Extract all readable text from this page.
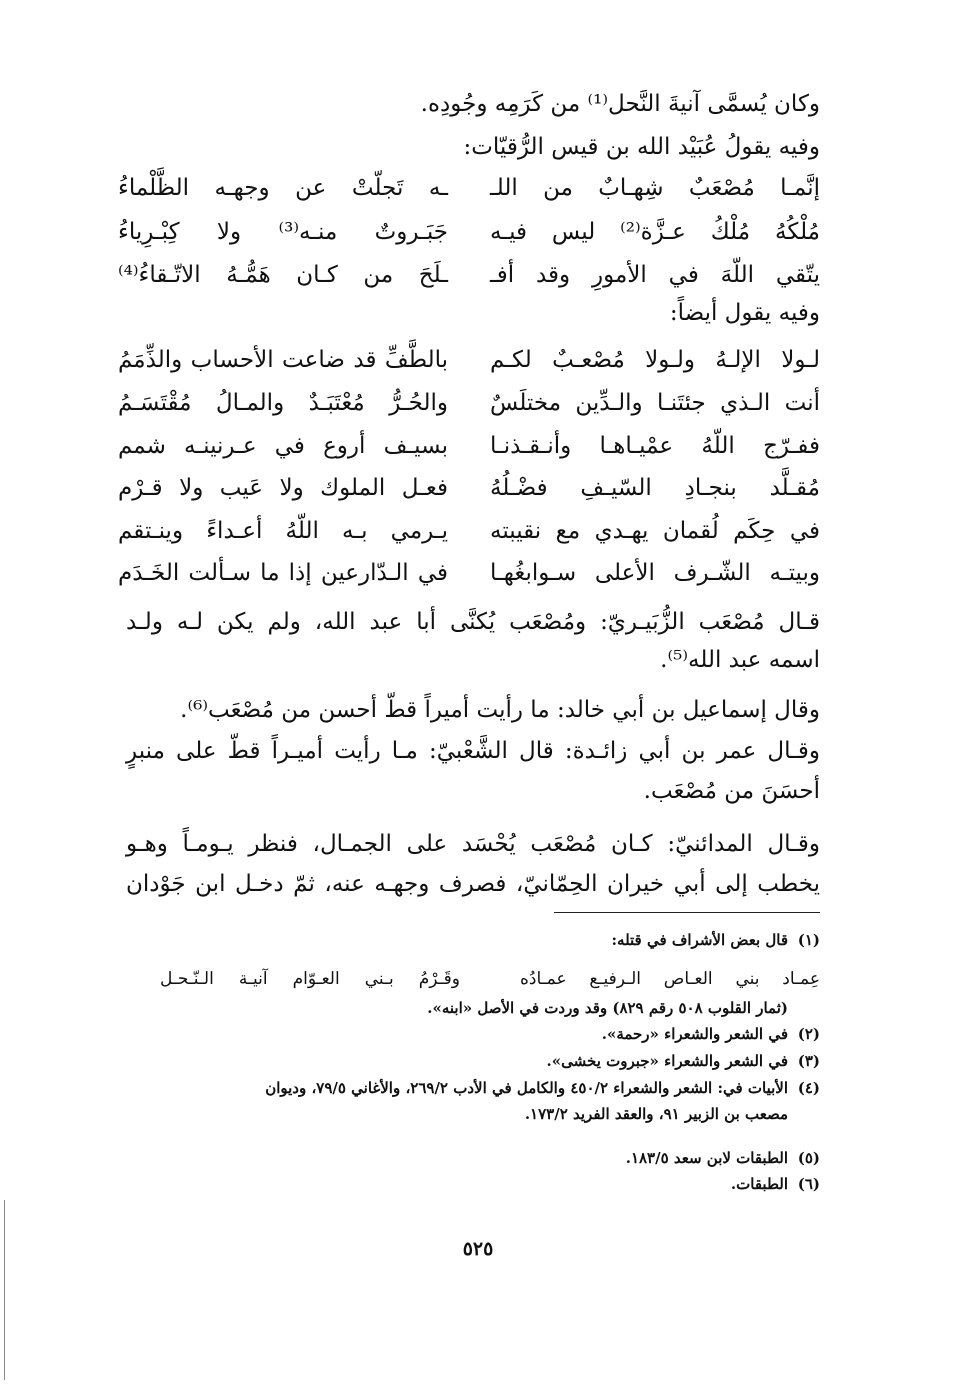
وكان يُسمَّى آنيةَ النَّحل⁽¹⁾ من كَرَمِه وجُودِه.
وفيه يقولُ عُبَيْد الله بن قيس الرُّقيّات:
إنَّمـا مُصْعَبٌ شِهـابٌ من اللـ
ـه تَجلّتْ عن وجهـه الظَّلْماءُ
مُلْكُهُ مُلْكُ عـزَّة⁽²⁾ ليس فيـه
جَبَـروتٌ منـه⁽³⁾ ولا كِبْـرِياءُ
يتّقي اللّهَ في الأمورِ وقد أفـ
ـلَحَ من كـان هَمُّـهُ الاتّـقاءُ⁽⁴⁾
وفيه يقول أيضاً:
لـولا الإلـهُ ولـولا مُصْعـبٌ لكـم
بالطَّفِّ قد ضاعت الأحساب والذِّمَمُ
أنت الـذي جئتَنـا والـدِّين مختلَسٌ
والحُـرُّ مُعْتَبَـدٌ والمـالُ مُقْتَسَـمُ
ففـرّج اللّهُ عمْيـاهـا وأنـقـذنـا
بسيـف أروع في عـرنينـه شمم
مُقـلَّد بنجـادِ السّيـفِ فضْـلُهُ
فعـل الملوك ولا عَيب ولا قـرْم
في حِكَم لُقمان يهـدي مع نقيبته
يـرمي بـه اللّهُ أعـداءً وينـتقم
وبيتـه الشّـرف الأعلى سـوابغُهـا
في الـدّارعين إذا ما سـألت الخَـدَم
قـال مُصْعَب الزُّبَيـريّ: ومُصْعَب يُكنَّى أبا عبد الله، ولم يكن لـه ولـد
اسمه عبد الله⁽⁵⁾.
وقال إسماعيل بن أبي خالد: ما رأيت أميراً قطّ أحسن من مُصْعَب⁽⁶⁾.
وقـال عمر بن أبي زائـدة: قال الشَّعْبيّ: مـا رأيت أميـراً قطّ على منبرٍ
أحسَنَ من مُصْعَب.
وقـال المدائنيّ: كـان مُصْعَب يُحْسَد على الجمـال، فنظر يـومـاً وهـو
يخطب إلى أبي خيران الحِمّانيّ، فصرف وجهـه عنه، ثمّ دخـل ابن جَوْدان
(١)قال بعض الأشراف في قتله:
عِمـاد بني العـاص الـرفيـع عمـادُه
وقَـرْمُ بـني العـوّام آنيـة الـنّـحـل
(ثمار القلوب ٥٠٨ رقم ٨٢٩) وقد وردت في الأصل «ابنه».
(٢)في الشعر والشعراء «رحمة».
(٣)في الشعر والشعراء «جبروت يخشى».
(٤)الأبيات في: الشعر والشعراء ٤٥٠/٢ والكامل في الأدب ٢٦٩/٢، والأغاني ٧٩/٥، وديوان
مصعب بن الزبير ٩١، والعقد الفريد ١٧٣/٢.
(٥)الطبقات لابن سعد ١٨٣/٥.
(٦)الطبقات.
٥٢٥
